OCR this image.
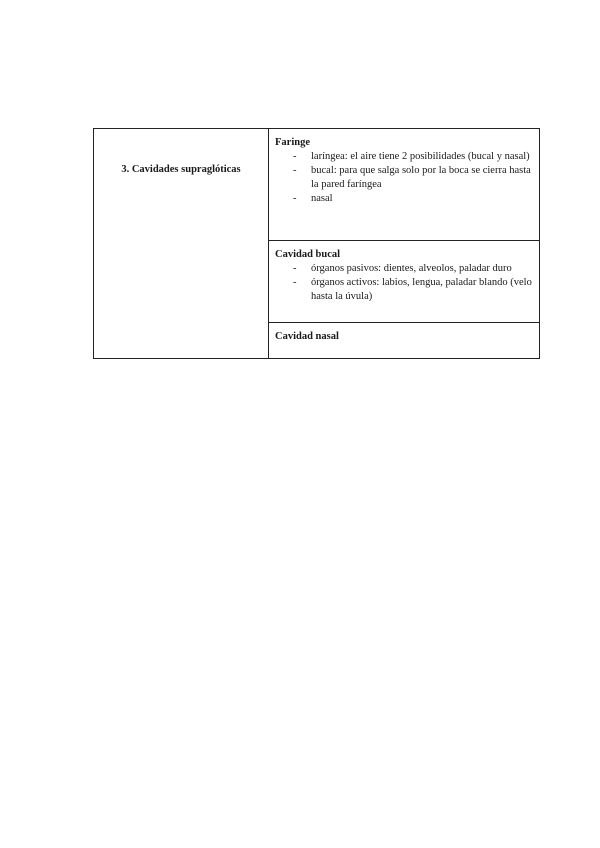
3. Cavidades supraglóticas
Faringe
- laríngea: el aire tiene 2 posibilidades (bucal y nasal)
- bucal: para que salga solo por la boca se cierra hasta la pared faríngea
- nasal
Cavidad bucal
- órganos pasivos: dientes, alveolos, paladar duro
- órganos activos: labios, lengua, paladar blando (velo hasta la úvula)
Cavidad nasal
